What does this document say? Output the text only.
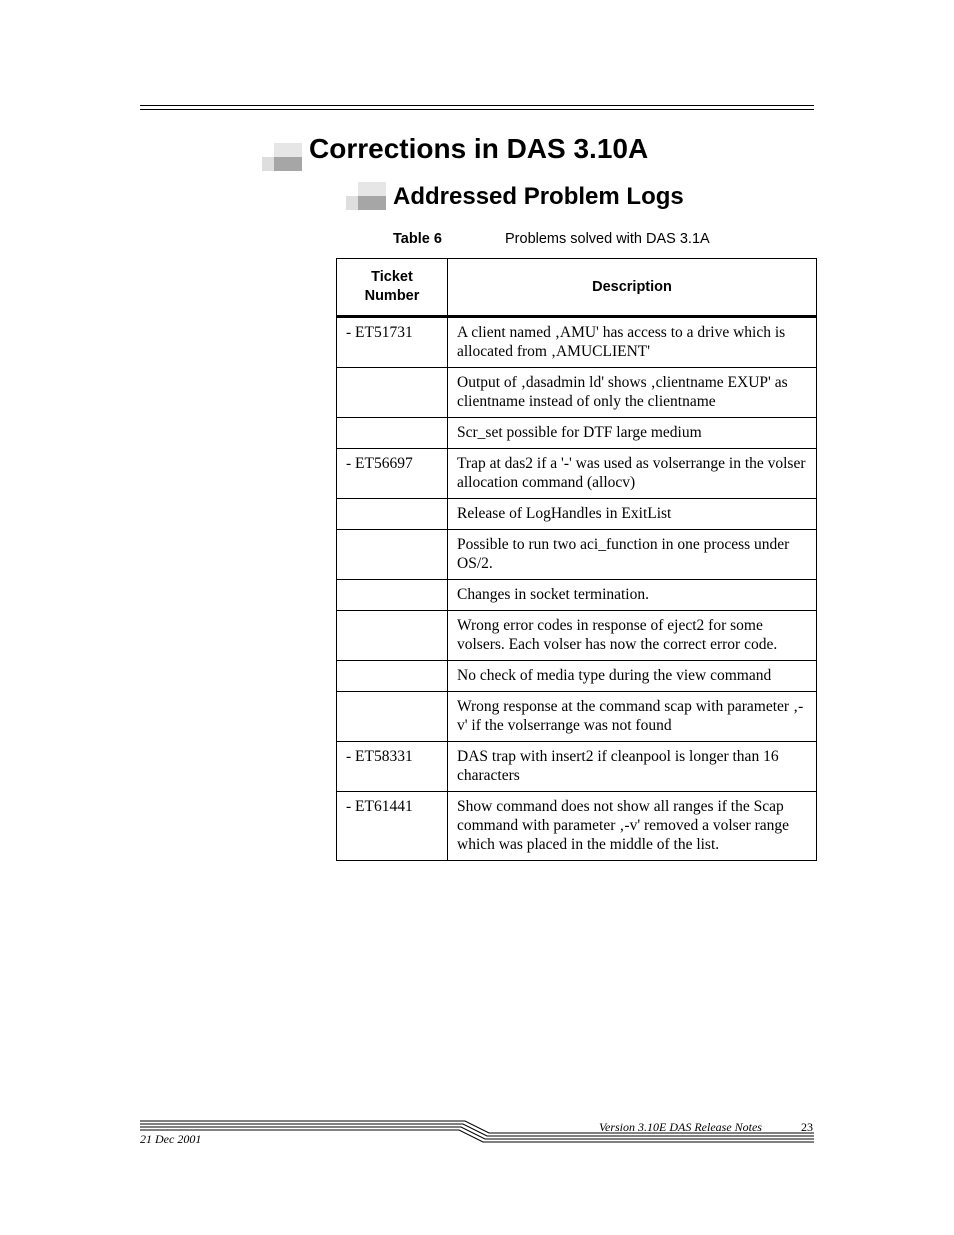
Corrections in DAS 3.10A
Addressed Problem Logs
Table 6	Problems solved with DAS 3.1A
Ticket
Number	Description
- ET51731	A client named ‚AMU' has access to a drive which is allocated from ‚AMUCLIENT'
	Output of ‚dasadmin ld' shows ‚clientname EXUP' as clientname instead of only the clientname
	Scr_set possible for DTF large medium
- ET56697	Trap at das2 if a '-' was used as volserrange in the volser allocation command (allocv)
	Release of LogHandles in ExitList
	Possible to run two aci_function in one process under OS/2.
	Changes in socket termination.
	Wrong error codes in response of eject2 for some volsers. Each volser has now the correct error code.
	No check of media type during the view command
	Wrong response at the command scap with parameter ‚-v' if the volserrange was not found
- ET58331	DAS trap with insert2 if cleanpool is longer than 16 characters
- ET61441	Show command does not show all ranges if the Scap command with parameter ‚-v' removed a volser range which was placed in the middle of the list.
Version 3.10E DAS Release Notes	23
21 Dec 2001
